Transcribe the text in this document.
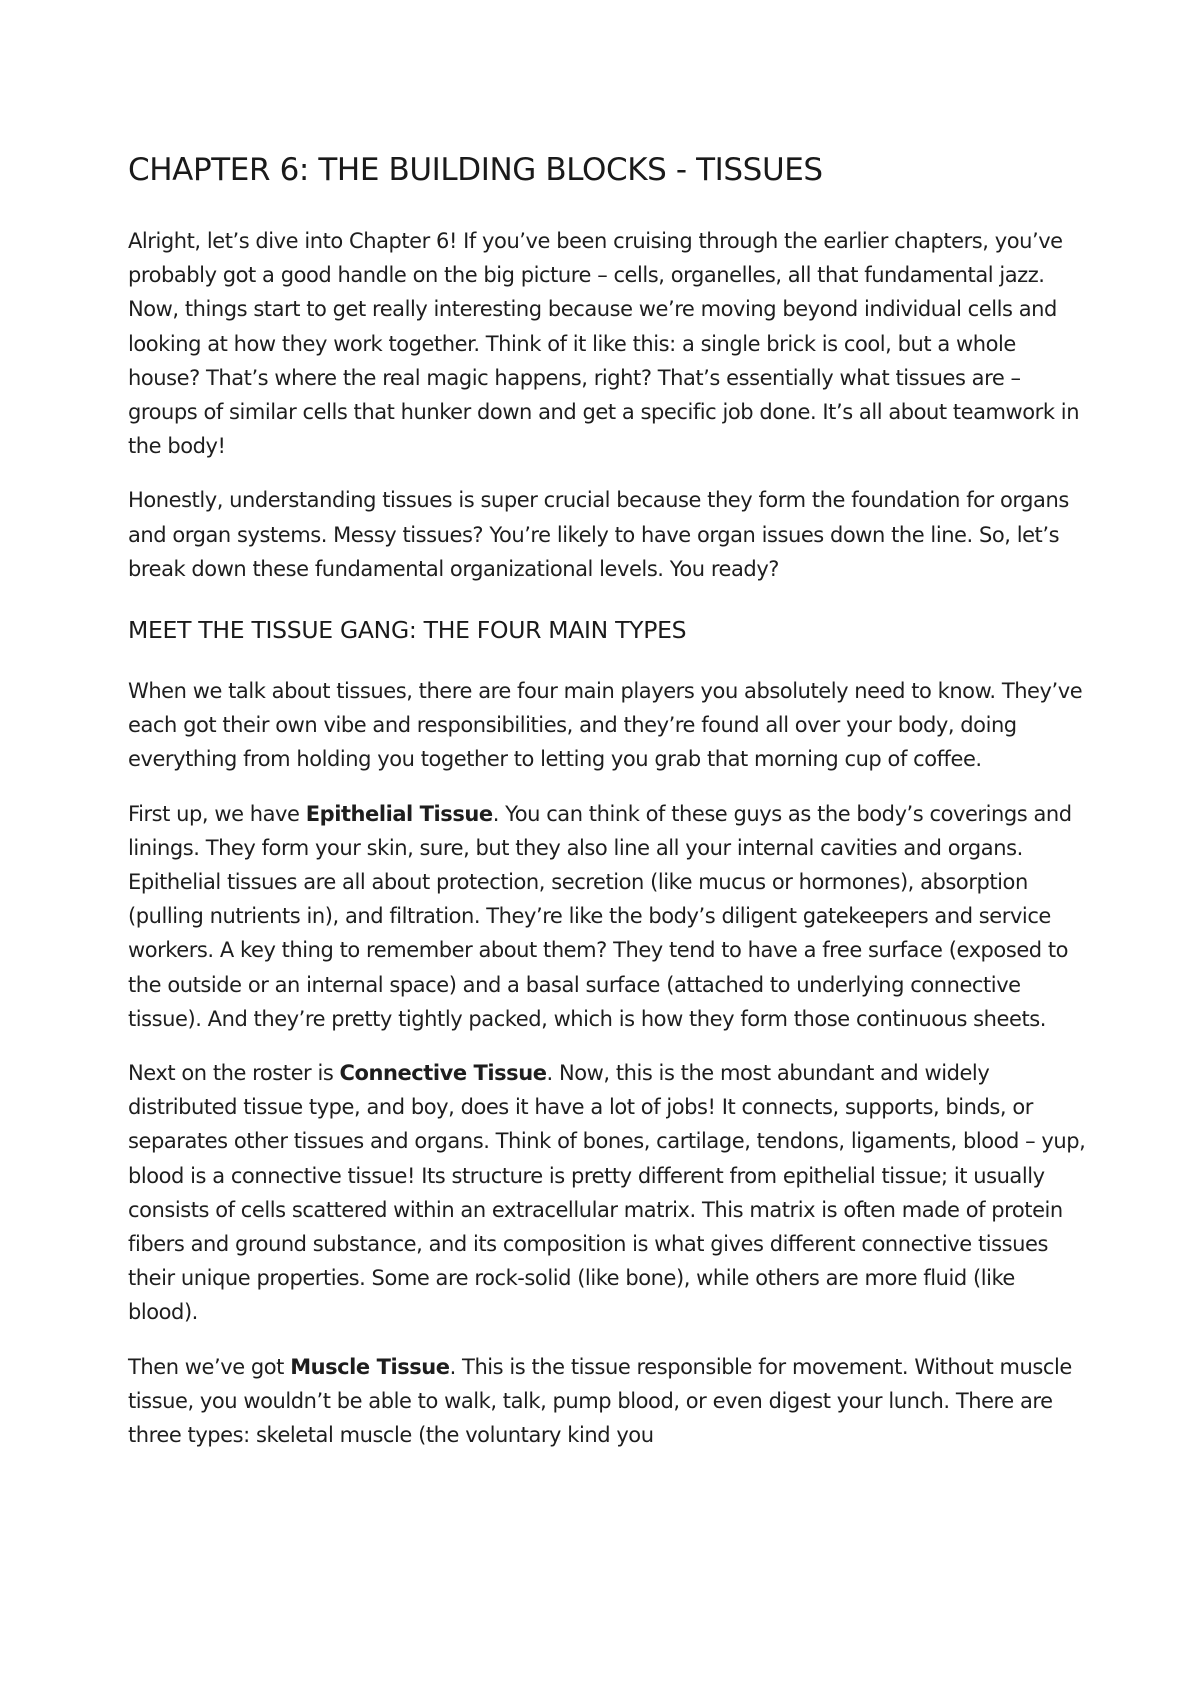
CHAPTER 6: THE BUILDING BLOCKS - TISSUES

Alright, let’s dive into Chapter 6! If you’ve been cruising through the earlier chapters, you’ve probably got a good handle on the big picture – cells, organelles, all that fundamental jazz. Now, things start to get really interesting because we’re moving beyond individual cells and looking at how they work together. Think of it like this: a single brick is cool, but a whole house? That’s where the real magic happens, right? That’s essentially what tissues are – groups of similar cells that hunker down and get a specific job done. It’s all about teamwork in the body!

Honestly, understanding tissues is super crucial because they form the foundation for organs and organ systems. Messy tissues? You’re likely to have organ issues down the line. So, let’s break down these fundamental organizational levels. You ready?

MEET THE TISSUE GANG: THE FOUR MAIN TYPES

When we talk about tissues, there are four main players you absolutely need to know. They’ve each got their own vibe and responsibilities, and they’re found all over your body, doing everything from holding you together to letting you grab that morning cup of coffee.

First up, we have Epithelial Tissue. You can think of these guys as the body’s coverings and linings. They form your skin, sure, but they also line all your internal cavities and organs. Epithelial tissues are all about protection, secretion (like mucus or hormones), absorption (pulling nutrients in), and filtration. They’re like the body’s diligent gatekeepers and service workers. A key thing to remember about them? They tend to have a free surface (exposed to the outside or an internal space) and a basal surface (attached to underlying connective tissue). And they’re pretty tightly packed, which is how they form those continuous sheets.

Next on the roster is Connective Tissue. Now, this is the most abundant and widely distributed tissue type, and boy, does it have a lot of jobs! It connects, supports, binds, or separates other tissues and organs. Think of bones, cartilage, tendons, ligaments, blood – yup, blood is a connective tissue! Its structure is pretty different from epithelial tissue; it usually consists of cells scattered within an extracellular matrix. This matrix is often made of protein fibers and ground substance, and its composition is what gives different connective tissues their unique properties. Some are rock-solid (like bone), while others are more fluid (like blood).

Then we’ve got Muscle Tissue. This is the tissue responsible for movement. Without muscle tissue, you wouldn’t be able to walk, talk, pump blood, or even digest your lunch. There are three types: skeletal muscle (the voluntary kind you
